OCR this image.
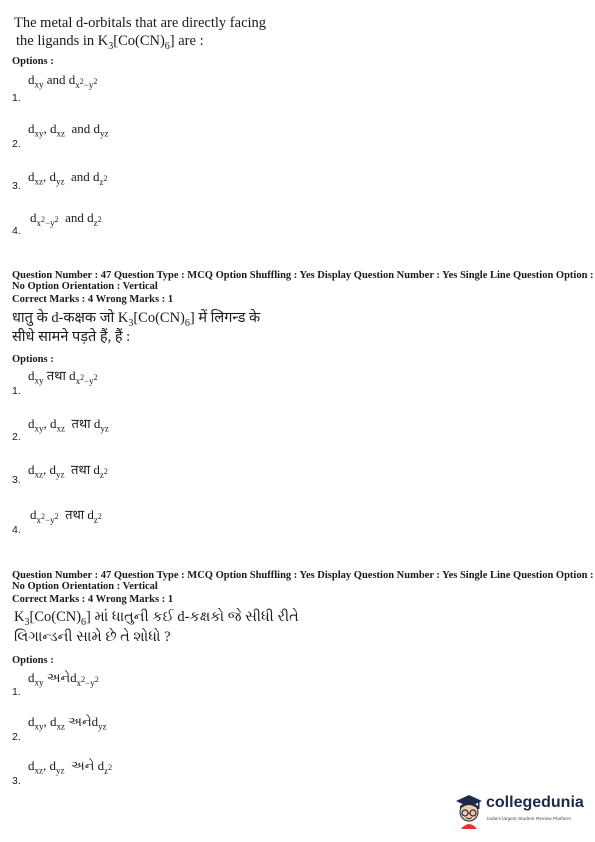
The metal d-orbitals that are directly facing
the ligands in $K_3[Co(CN)_6]$ are :
Options :
1.
$d_{xy}$ and $d_{x^2-y^2}$
2.
$d_{xy}$, $d_{xz}$ and $d_{yz}$
3.
$d_{xz}$, $d_{yz}$ and $d_{z^2}$
4.
$d_{x^2-y^2}$ and $d_{z^2}$
Question Number : 47 Question Type : MCQ Option Shuffling : Yes Display Question Number : Yes Single Line Question Option :
No Option Orientation : Vertical
Correct Marks : 4 Wrong Marks : 1
धातु के d-कक्षक जो $K_3[Co(CN)_6]$ में लिगन्ड के
सीधे सामने पड़ते हैं, हैं :
Options :
1.
$d_{xy}$ तथा $d_{x^2-y^2}$
2.
$d_{xy}$, $d_{xz}$ तथा $d_{yz}$
3.
$d_{xz}$, $d_{yz}$ तथा $d_{z^2}$
4.
$d_{x^2-y^2}$ तथा $d_{z^2}$
Question Number : 47 Question Type : MCQ Option Shuffling : Yes Display Question Number : Yes Single Line Question Option :
No Option Orientation : Vertical
Correct Marks : 4 Wrong Marks : 1
$K_3[Co(CN)_6]$ માં ધાતુની કઈ d-કક્ષકો જે સીધી રીતે
લિગાન્ડની સામે છે તે શોધો ?
Options :
1.
$d_{xy}$ $અનેd_{x^2-y^2}$
2.
$d_{xy}$, $d_{xz}$ $અનેd_{yz}$
3.
$d_{xz}$, $d_{yz}$ અને $d_{z^2}$
collegedunia
India's largest Student Review Platform
